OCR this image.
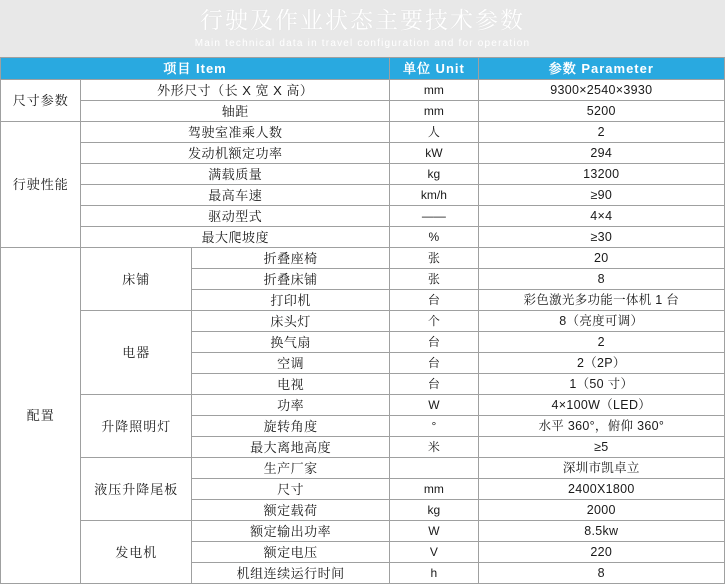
行驶及作业状态主要技术参数
Main technical data in travel configuration and for operation
项目 Item			单位 Unit	参数 Parameter
尺寸参数	外形尺寸（长 X 宽 X 高）		mm	9300×2540×3930
	轴距		mm	5200
行驶性能	驾驶室准乘人数		人	2
	发动机额定功率		kW	294
	满载质量		kg	13200
	最高车速		km/h	≥90
	驱动型式		——	4×4
	最大爬坡度		%	≥30
配置	床铺	折叠座椅	张	20
		折叠床铺	张	8
		打印机	台	彩色激光多功能一体机 1 台
	电器	床头灯	个	8（亮度可调）
		换气扇	台	2
		空调	台	2（2P）
		电视	台	1（50 寸）
	升降照明灯	功率	W	4×100W（LED）
		旋转角度	°	水平 360°，俯仰 360°
		最大离地高度	米	≥5
	液压升降尾板	生产厂家		深圳市凯卓立
		尺寸	mm	2400X1800
		额定载荷	kg	2000
	发电机	额定输出功率	W	8.5kw
		额定电压	V	220
		机组连续运行时间	h	8
